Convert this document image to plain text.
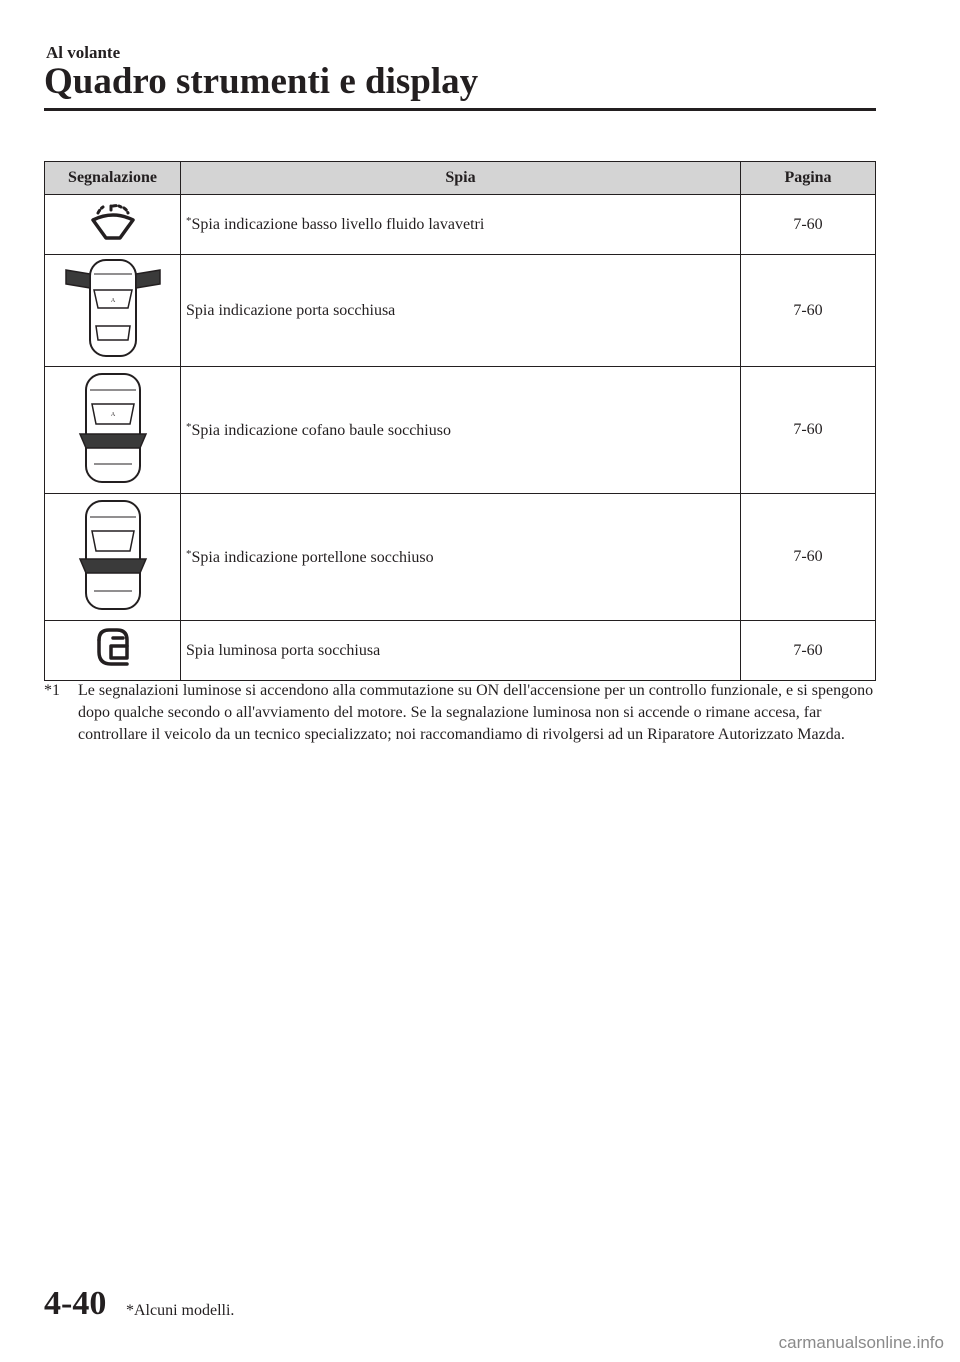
Al volante
Quadro strumenti e display
Segnalazione	Spia	Pagina
	*Spia indicazione basso livello fluido lavavetri	7-60

A	Spia indicazione porta socchiusa	7-60

A	*Spia indicazione cofano baule socchiuso	7-60
	*Spia indicazione portellone socchiuso	7-60
	Spia luminosa porta socchiusa	7-60
*1 Le segnalazioni luminose si accendono alla commutazione su ON dell'accensione per un controllo funzionale, e si spengono dopo qualche secondo o all'avviamento del motore. Se la segnalazione luminosa non si accende o rimane accesa, far controllare il veicolo da un tecnico specializzato; noi raccomandiamo di rivolgersi ad un Riparatore Autorizzato Mazda.
4-40 *Alcuni modelli.
carmanualsonline.info
